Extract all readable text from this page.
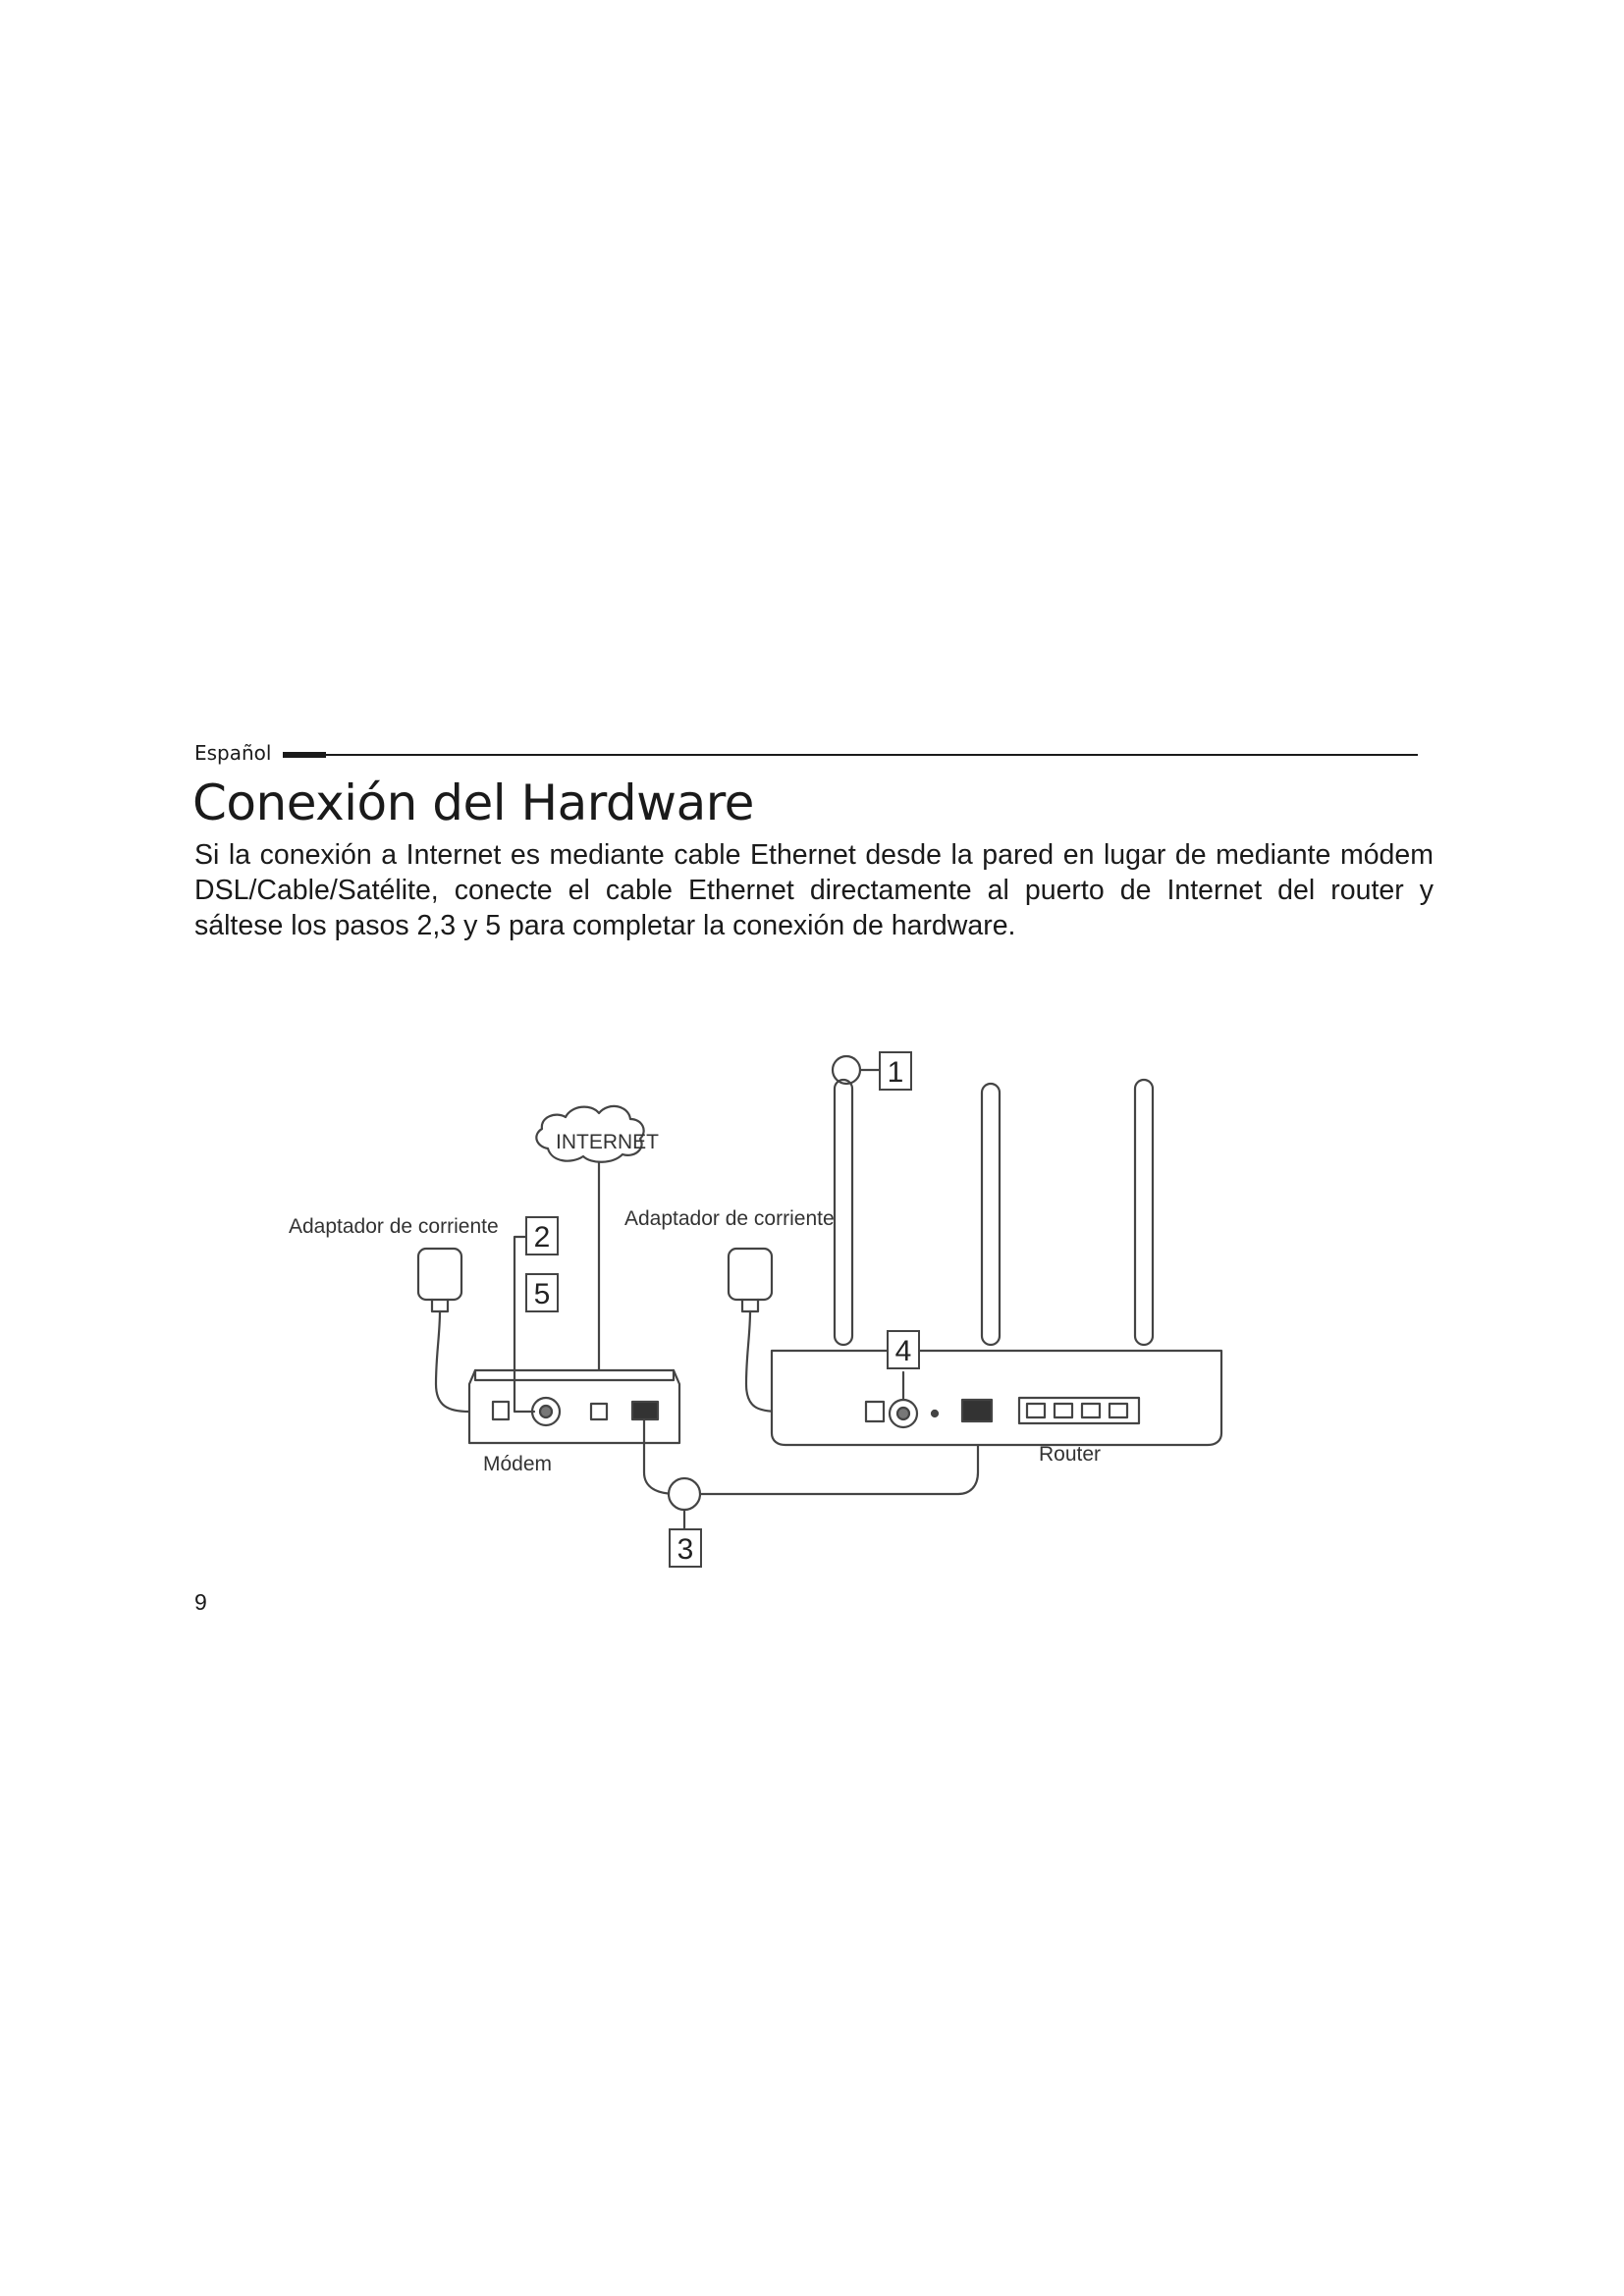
Español
Conexión del Hardware

Si la conexión a Internet es mediante cable Ethernet desde la pared en lugar de mediante módem DSL/Cable/Satélite, conecte el cable Ethernet directamente al puerto de Internet del router y sáltese los pasos 2,3 y 5 para completar la conexión de hardware.

1
2
3
4
5
INTERNET
Adaptador de corriente	Adaptador de corriente
Módem	Router
9
